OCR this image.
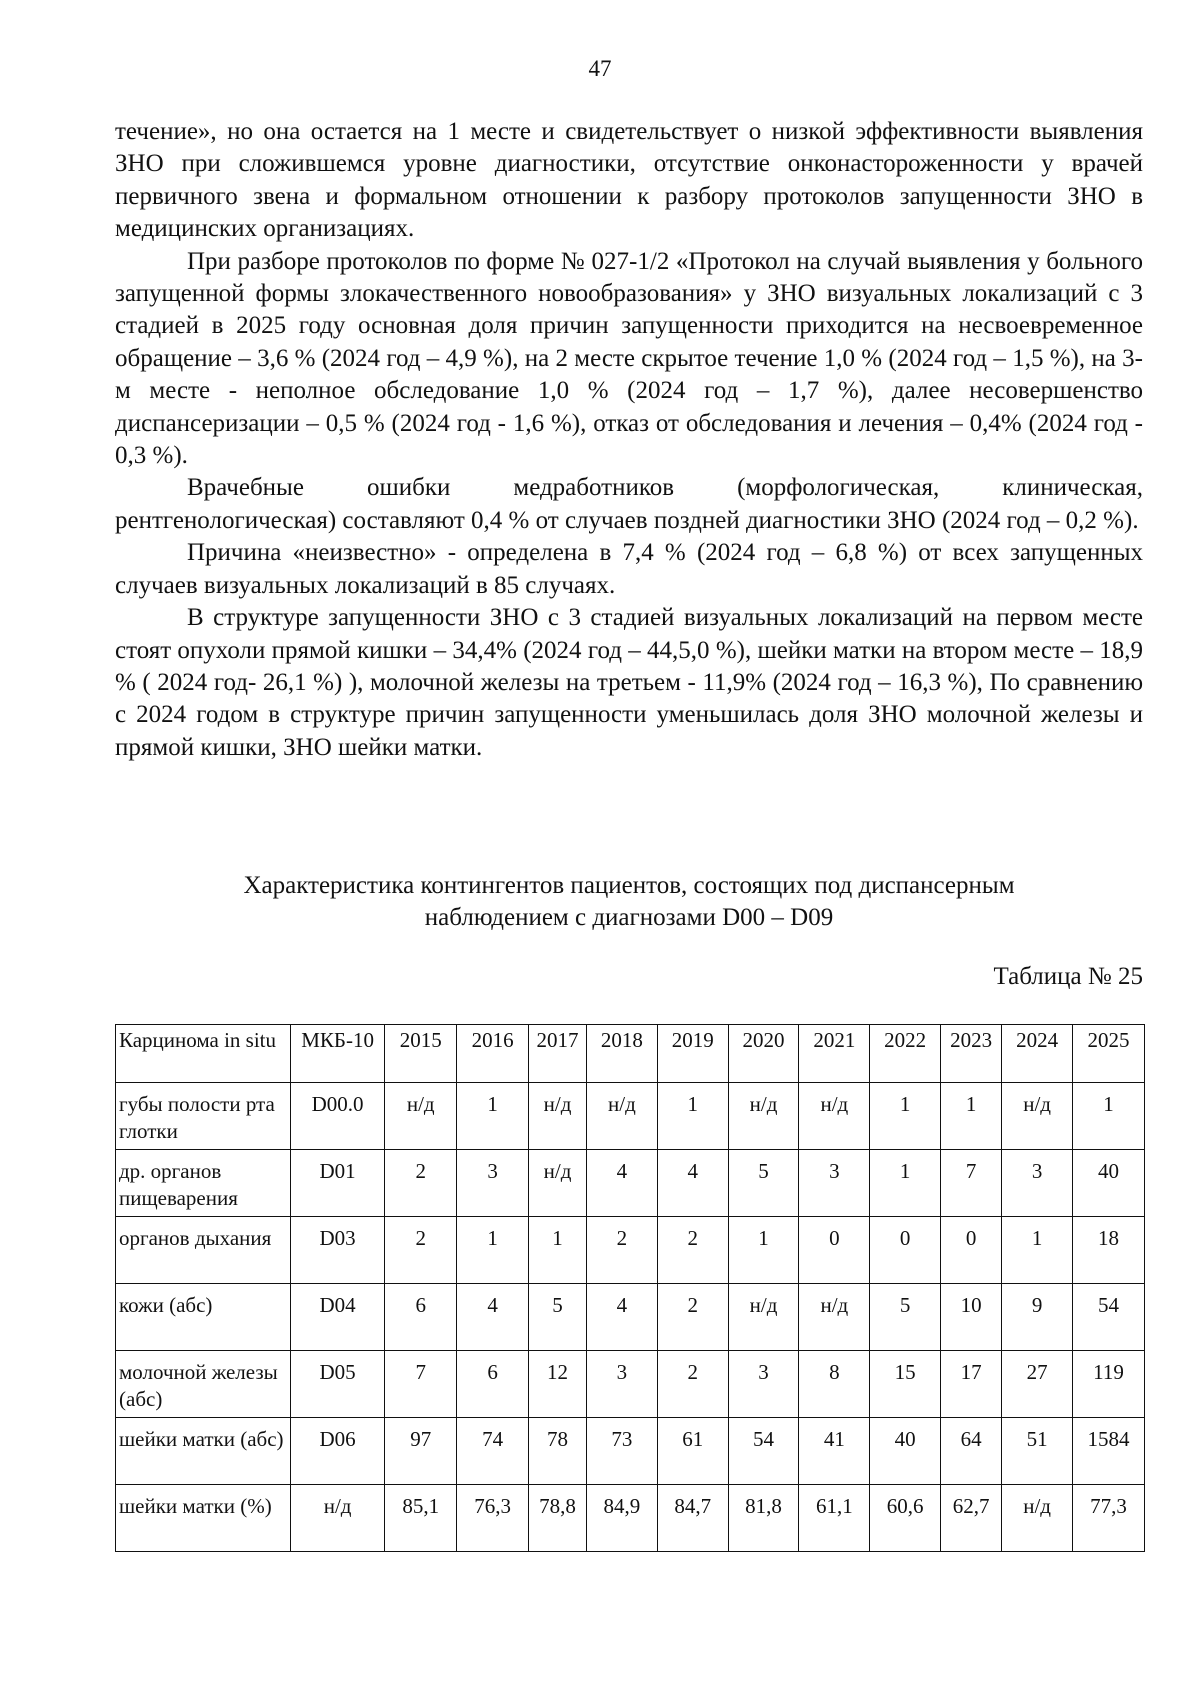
47

течение», но она остается на 1 месте и свидетельствует о низкой эффективности выявления ЗНО при сложившемся уровне диагностики, отсутствие онконастороженности у врачей первичного звена и формальном отношении к разбору протоколов запущенности ЗНО в медицинских организациях.

При разборе протоколов по форме № 027-1/2 «Протокол на случай выявления у больного запущенной формы злокачественного новообразования» у ЗНО визуальных локализаций с 3 стадией в 2025 году основная доля причин запущенности приходится на несвоевременное обращение – 3,6 % (2024 год – 4,9 %), на 2 месте скрытое течение 1,0 % (2024 год – 1,5 %), на 3-м месте - неполное обследование 1,0 % (2024 год – 1,7 %), далее несовершенство диспансеризации – 0,5 % (2024 год - 1,6 %), отказ от обследования и лечения – 0,4% (2024 год - 0,3 %).

Врачебные ошибки медработников (морфологическая, клиническая, рентгенологическая) составляют 0,4 % от случаев поздней диагностики ЗНО (2024 год – 0,2 %).

Причина «неизвестно» - определена в 7,4 % (2024 год – 6,8 %) от всех запущенных случаев визуальных локализаций в 85 случаях.

В структуре запущенности ЗНО с 3 стадией визуальных локализаций на первом месте стоят опухоли прямой кишки – 34,4% (2024 год – 44,5,0 %), шейки матки на втором месте – 18,9 % ( 2024 год- 26,1 %) ), молочной железы на третьем - 11,9% (2024 год – 16,3 %), По сравнению с 2024 годом в структуре причин запущенности уменьшилась доля ЗНО молочной железы и прямой кишки, ЗНО шейки матки.

Характеристика контингентов пациентов, состоящих под диспансерным
наблюдением с диагнозами D00 – D09
Таблица № 25
Карцинома in situ	МКБ-10	2015	2016	2017	2018	2019	2020	2021	2022	2023	2024	2025
губы полости рта глотки	D00.0	н/д	1	н/д	н/д	1	н/д	н/д	1	1	н/д	1
др. органов пищеварения	D01	2	3	н/д	4	4	5	3	1	7	3	40
органов дыхания	D03	2	1	1	2	2	1	0	0	0	1	18
кожи (абс)	D04	6	4	5	4	2	н/д	н/д	5	10	9	54
молочной железы (абс)	D05	7	6	12	3	2	3	8	15	17	27	119
шейки матки (абс)	D06	97	74	78	73	61	54	41	40	64	51	1584
шейки матки (%)	н/д	85,1	76,3	78,8	84,9	84,7	81,8	61,1	60,6	62,7	н/д	77,3
